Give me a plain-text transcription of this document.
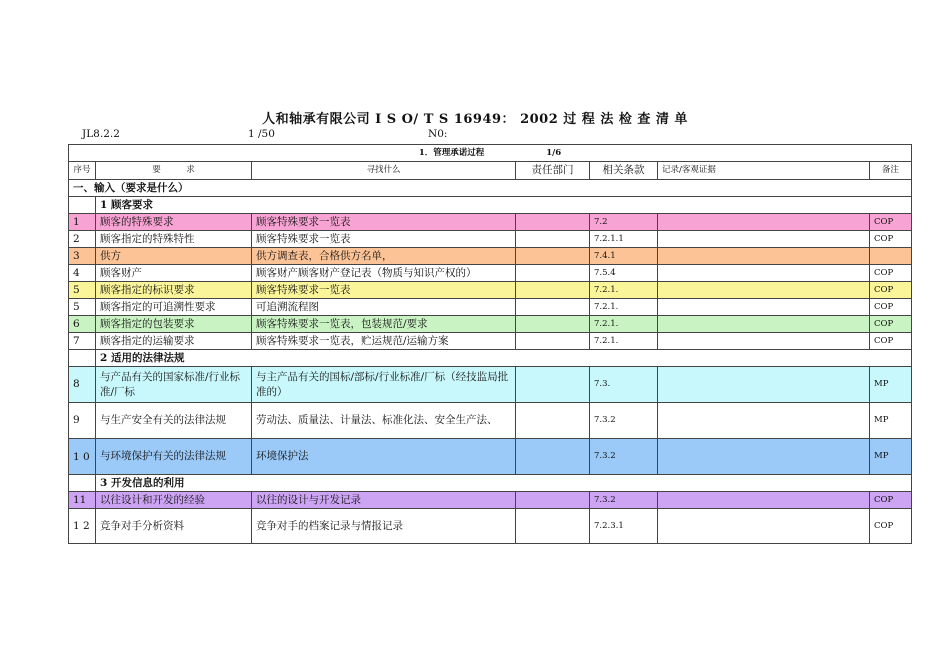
人和轴承有限公司 I S O/ T S 16949： 2002 过 程 法 检 查 清 单
JL8.2.2	1 /50	N0:
1．管理承诺过程 1/6						
序号	要　　　求	寻找什么	责任部门	相关条款	记录/客观证据	备注
一、输入（要求是什么）						
	1 顾客要求					
1	顾客的特殊要求	顾客特殊要求一览表		7.2		COP
2	顾客指定的特殊特性	顾客特殊要求一览表		7.2.1.1		COP
3	供方	供方调查表，合格供方名单，		7.4.1		
4	顾客财产	顾客财产顾客财产登记表（物质与知识产权的）		7.5.4		COP
5	顾客指定的标识要求	顾客特殊要求一览表		7.2.1.		COP
5	顾客指定的可追溯性要求	可追溯流程图		7.2.1.		COP
6	顾客指定的包装要求	顾客特殊要求一览表，包装规范/要求		7.2.1.		COP
7	顾客指定的运输要求	顾客特殊要求一览表，贮运规范/运输方案		7.2.1.		COP
	2 适用的法律法规					
8	与产品有关的国家标准/行业标准/厂标	与主产品有关的国标/部标/行业标准/厂标（经技监局批准的）		7.3.		MP
9	与生产安全有关的法律法规	劳动法、质量法、计量法、标准化法、安全生产法、		7.3.2		MP
1 0	与环境保护有关的法律法规	环境保护法		7.3.2		MP
	3 开发信息的利用					
11	以往设计和开发的经验	以往的设计与开发记录		7.3.2		COP
1 2	竞争对手分析资料	竞争对手的档案记录与情报记录		7.2.3.1		COP
